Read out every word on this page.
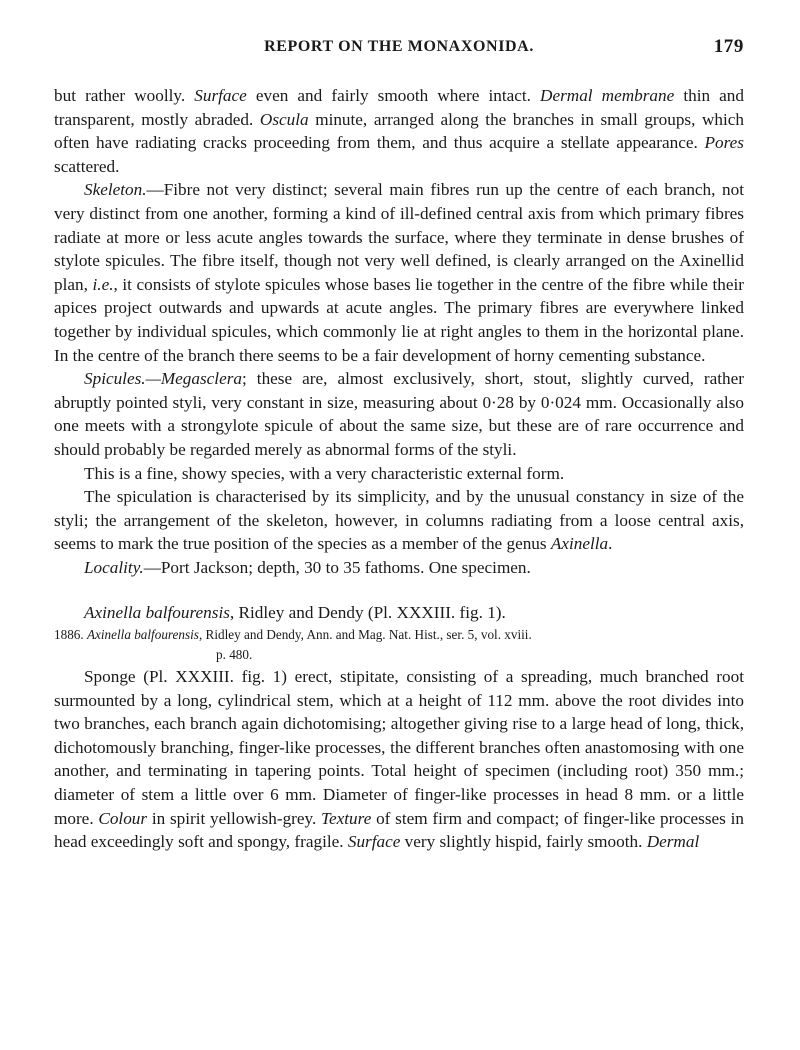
REPORT ON THE MONAXONIDA.	179

but rather woolly. Surface even and fairly smooth where intact. Dermal membrane thin and transparent, mostly abraded. Oscula minute, arranged along the branches in small groups, which often have radiating cracks proceeding from them, and thus acquire a stellate appearance. Pores scattered.

Skeleton.—Fibre not very distinct; several main fibres run up the centre of each branch, not very distinct from one another, forming a kind of ill-defined central axis from which primary fibres radiate at more or less acute angles towards the surface, where they terminate in dense brushes of stylote spicules. The fibre itself, though not very well defined, is clearly arranged on the Axinellid plan, i.e., it consists of stylote spicules whose bases lie together in the centre of the fibre while their apices project outwards and upwards at acute angles. The primary fibres are everywhere linked together by individual spicules, which commonly lie at right angles to them in the horizontal plane. In the centre of the branch there seems to be a fair development of horny cementing substance.

Spicules.—Megasclera; these are, almost exclusively, short, stout, slightly curved, rather abruptly pointed styli, very constant in size, measuring about 0·28 by 0·024 mm. Occasionally also one meets with a strongylote spicule of about the same size, but these are of rare occurrence and should probably be regarded merely as abnormal forms of the styli.

This is a fine, showy species, with a very characteristic external form.

The spiculation is characterised by its simplicity, and by the unusual constancy in size of the styli; the arrangement of the skeleton, however, in columns radiating from a loose central axis, seems to mark the true position of the species as a member of the genus Axinella.

Locality.—Port Jackson; depth, 30 to 35 fathoms. One specimen.

Axinella balfourensis, Ridley and Dendy (Pl. XXXIII. fig. 1).

1886. Axinella balfourensis, Ridley and Dendy, Ann. and Mag. Nat. Hist., ser. 5, vol. xviii.
p. 480.

Sponge (Pl. XXXIII. fig. 1) erect, stipitate, consisting of a spreading, much branched root surmounted by a long, cylindrical stem, which at a height of 112 mm. above the root divides into two branches, each branch again dichotomising; altogether giving rise to a large head of long, thick, dichotomously branching, finger-like processes, the different branches often anastomosing with one another, and terminating in tapering points. Total height of specimen (including root) 350 mm.; diameter of stem a little over 6 mm. Diameter of finger-like processes in head 8 mm. or a little more. Colour in spirit yellowish-grey. Texture of stem firm and compact; of finger-like processes in head exceedingly soft and spongy, fragile. Surface very slightly hispid, fairly smooth. Dermal
